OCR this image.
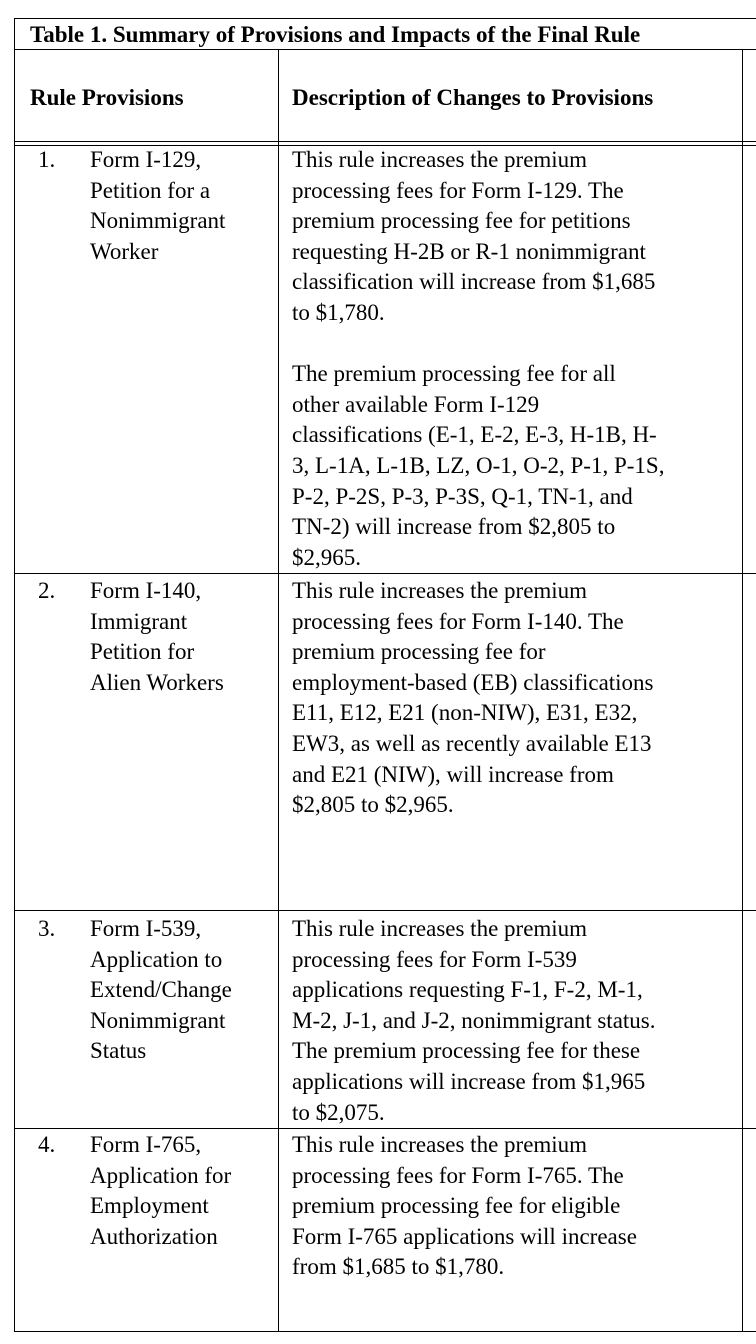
Table 1. Summary of Provisions and Impacts of the Final Rule
Rule Provisions	Description of Changes to Provisions
1. Form I-129,
Petition for a
Nonimmigrant
Worker
This rule increases the premium
processing fees for Form I-129. The
premium processing fee for petitions
requesting H-2B or R-1 nonimmigrant
classification will increase from $1,685
to $1,780.
The premium processing fee for all
other available Form I-129
classifications (E-1, E-2, E-3, H-1B, H-
3, L-1A, L-1B, LZ, O-1, O-2, P-1, P-1S,
P-2, P-2S, P-3, P-3S, Q-1, TN-1, and
TN-2) will increase from $2,805 to
$2,965.
2. Form I-140,
Immigrant
Petition for
Alien Workers
This rule increases the premium
processing fees for Form I-140. The
premium processing fee for
employment-based (EB) classifications
E11, E12, E21 (non-NIW), E31, E32,
EW3, as well as recently available E13
and E21 (NIW), will increase from
$2,805 to $2,965.
3. Form I-539,
Application to
Extend/Change
Nonimmigrant
Status
This rule increases the premium
processing fees for Form I-539
applications requesting F-1, F-2, M-1,
M-2, J-1, and J-2, nonimmigrant status.
The premium processing fee for these
applications will increase from $1,965
to $2,075.
4. Form I-765,
Application for
Employment
Authorization
This rule increases the premium
processing fees for Form I-765. The
premium processing fee for eligible
Form I-765 applications will increase
from $1,685 to $1,780.
